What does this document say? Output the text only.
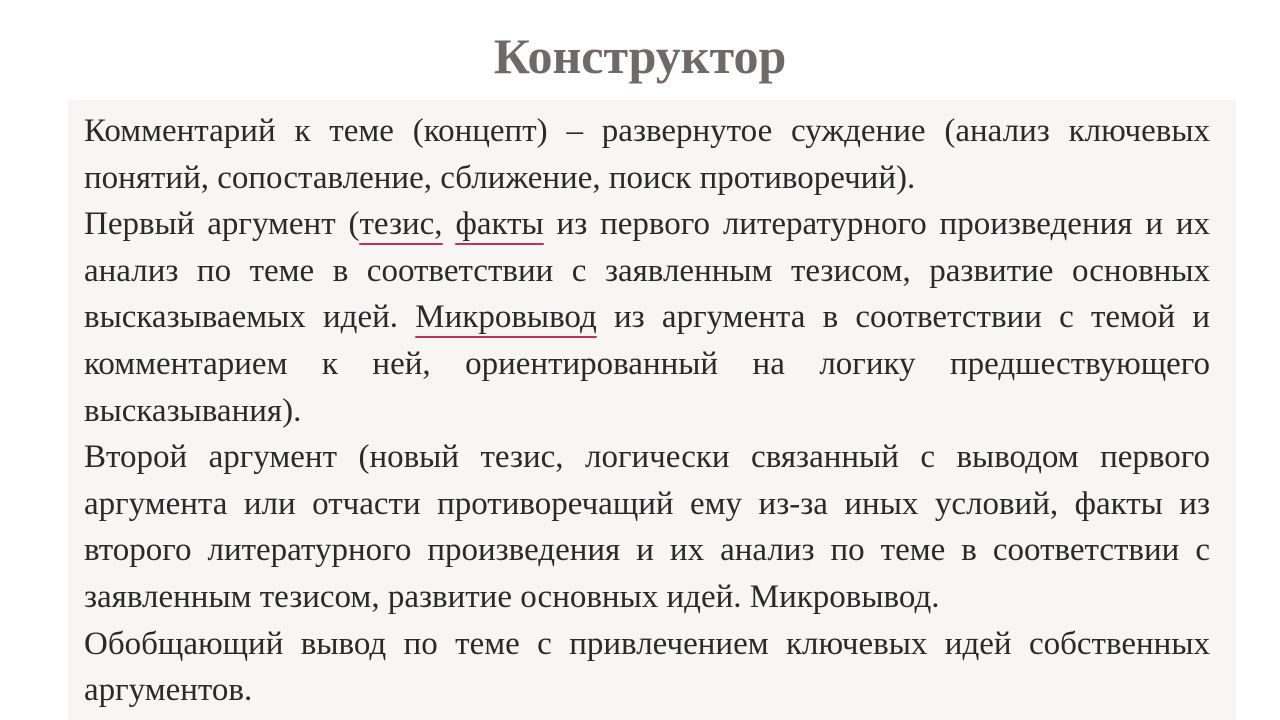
Конструктор

Комментарий к теме (концепт) – развернутое суждение (анализ ключевых понятий, сопоставление, сближение, поиск противоречий).

Первый аргумент (тезис, факты из первого литературного произведения и их анализ по теме в соответствии с заявленным тезисом, развитие основных высказываемых идей. Микровывод из аргумента в соответствии с темой и комментарием к ней, ориентированный на логику предшествующего высказывания).

Второй аргумент (новый тезис, логически связанный с выводом первого аргумента или отчасти противоречащий ему из-за иных условий, факты из второго литературного произведения и их анализ по теме в соответствии с заявленным тезисом, развитие основных идей. Микровывод.

Обобщающий вывод по теме с привлечением ключевых идей собственных аргументов.
